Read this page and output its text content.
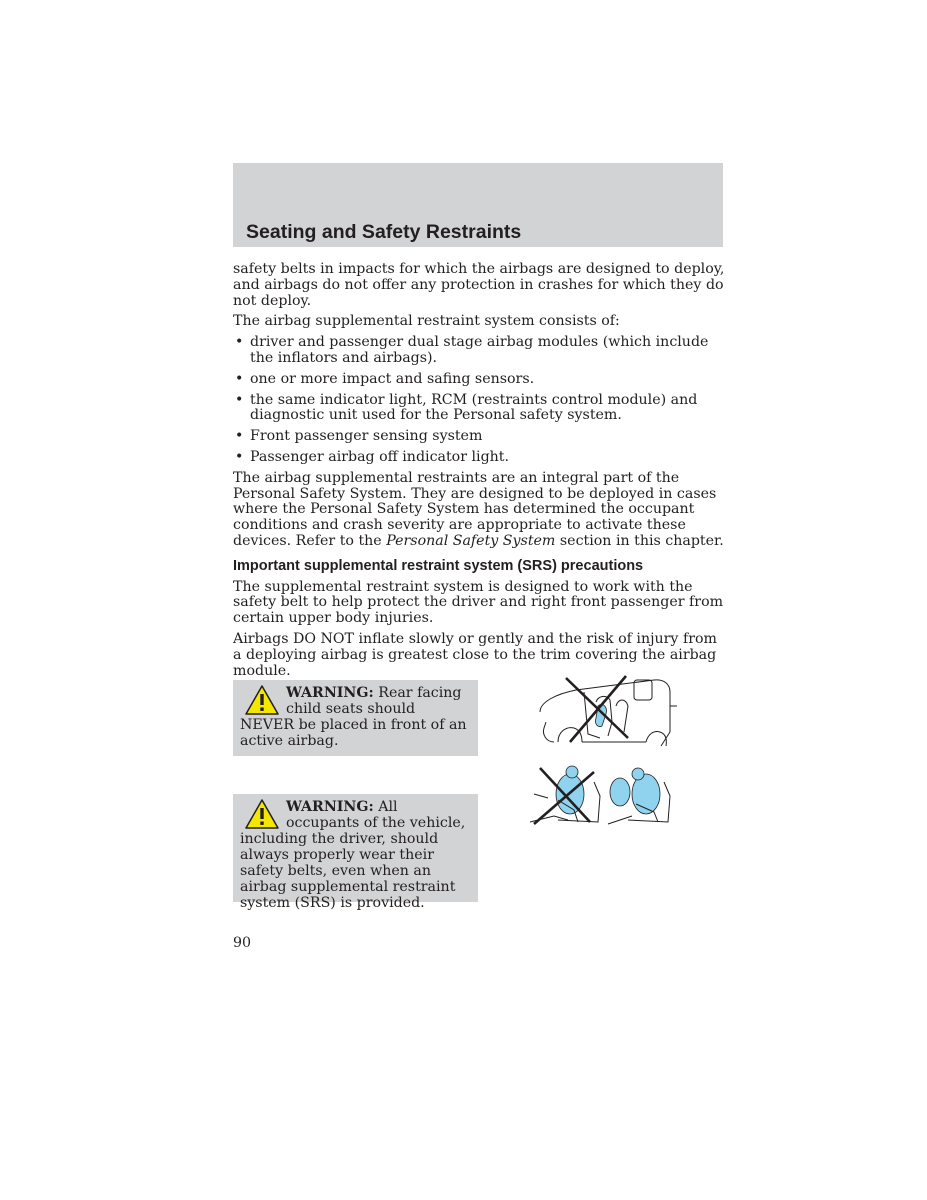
Seating and Safety Restraints

safety belts in impacts for which the airbags are designed to deploy, and airbags do not offer any protection in crashes for which they do not deploy.

The airbag supplemental restraint system consists of:

• driver and passenger dual stage airbag modules (which include the inflators and airbags).
• one or more impact and safing sensors.
• the same indicator light, RCM (restraints control module) and diagnostic unit used for the Personal safety system.
• Front passenger sensing system
• Passenger airbag off indicator light.

The airbag supplemental restraints are an integral part of the Personal Safety System. They are designed to be deployed in cases where the Personal Safety System has determined the occupant conditions and crash severity are appropriate to activate these devices. Refer to the Personal Safety System section in this chapter.

Important supplemental restraint system (SRS) precautions

The supplemental restraint system is designed to work with the safety belt to help protect the driver and right front passenger from certain upper body injuries.

Airbags DO NOT inflate slowly or gently and the risk of injury from a deploying airbag is greatest close to the trim covering the airbag module.

WARNING: Rear facing child seats should NEVER be placed in front of an active airbag.
WARNING: All occupants of the vehicle, including the driver, should always properly wear their safety belts, even when an airbag supplemental restraint system (SRS) is provided.
90
